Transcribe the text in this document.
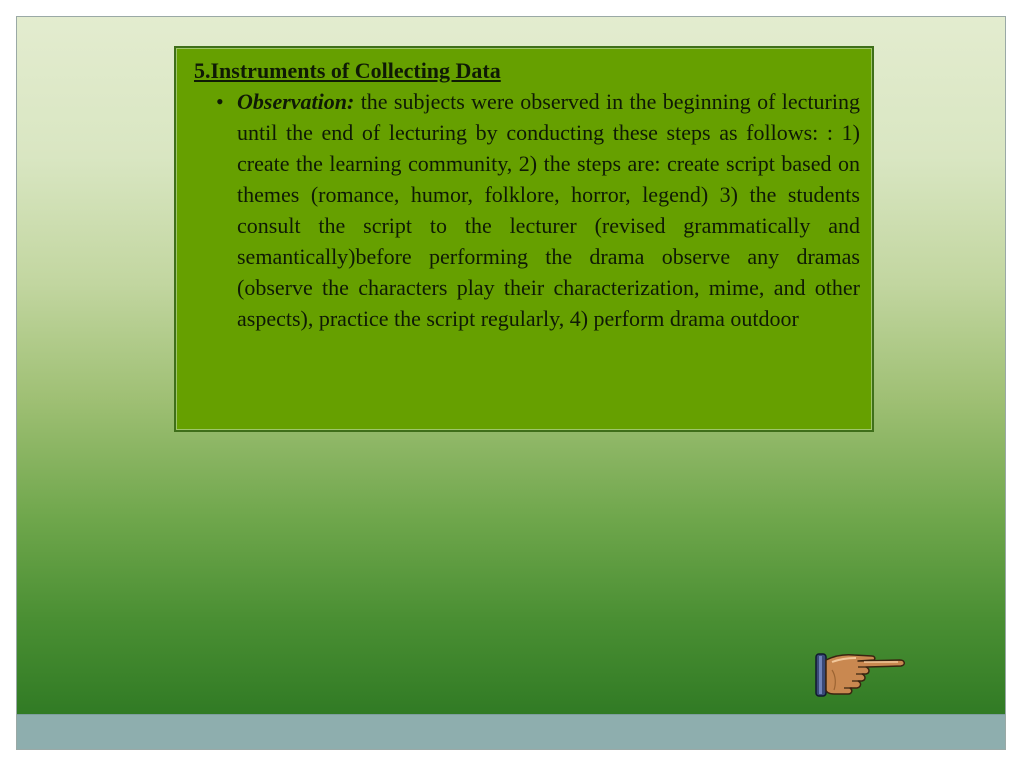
5.Instruments of Collecting Data
• Observation: the subjects were observed in the beginning of lecturing until the end of lecturing by conducting these steps as follows: : 1) create the learning community, 2) the steps are: create script based on themes (romance, humor, folklore, horror, legend) 3) the students consult the script to the lecturer (revised grammatically and semantically)before performing the drama observe any dramas (observe the characters play their characterization, mime, and other aspects), practice the script regularly, 4) perform drama outdoor
